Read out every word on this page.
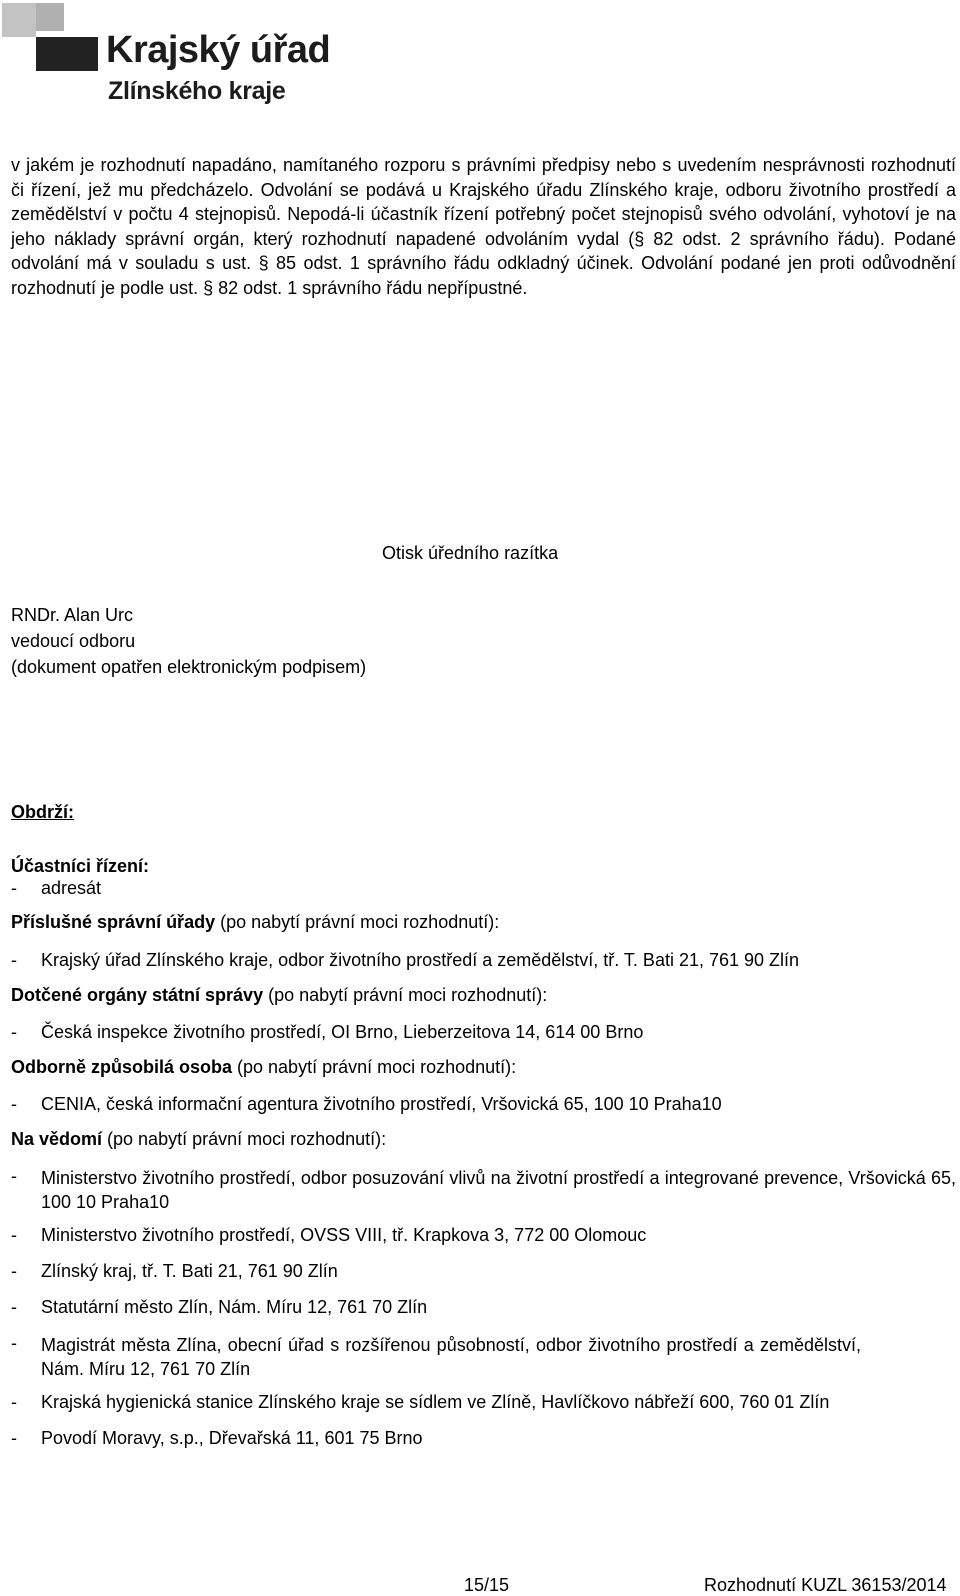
Krajský úřad
Zlínského kraje

v jakém je rozhodnutí napadáno, namítaného rozporu s právními předpisy nebo s uvedením nesprávnosti rozhodnutí či řízení, jež mu předcházelo. Odvolání se podává u Krajského úřadu Zlínského kraje, odboru životního prostředí a zemědělství v počtu 4 stejnopisů. Nepodá-li účastník řízení potřebný počet stejnopisů svého odvolání, vyhotoví je na jeho náklady správní orgán, který rozhodnutí napadené odvoláním vydal (§ 82 odst. 2 správního řádu). Podané odvolání má v souladu s ust. § 85 odst. 1 správního řádu odkladný účinek. Odvolání podané jen proti odůvodnění rozhodnutí je podle ust. § 82 odst. 1 správního řádu nepřípustné.

Otisk úředního razítka
RNDr. Alan Urc
vedoucí odboru
(dokument opatřen elektronickým podpisem)
Obdrží:
Účastníci řízení:
- adresát
Příslušné správní úřady (po nabytí právní moci rozhodnutí):
- Krajský úřad Zlínského kraje, odbor životního prostředí a zemědělství, tř. T. Bati 21, 761 90 Zlín
Dotčené orgány státní správy (po nabytí právní moci rozhodnutí):
- Česká inspekce životního prostředí, OI Brno, Lieberzeitova 14, 614 00 Brno
Odborně způsobilá osoba (po nabytí právní moci rozhodnutí):
- CENIA, česká informační agentura životního prostředí, Vršovická 65, 100 10 Praha10
Na vědomí (po nabytí právní moci rozhodnutí):
- Ministerstvo životního prostředí, odbor posuzování vlivů na životní prostředí a integrované prevence, Vršovická 65, 100 10 Praha10
- Ministerstvo životního prostředí, OVSS VIII, tř. Krapkova 3, 772 00 Olomouc
- Zlínský kraj, tř. T. Bati 21, 761 90 Zlín
- Statutární město Zlín, Nám. Míru 12, 761 70 Zlín
- Magistrát města Zlína, obecní úřad s rozšířenou působností, odbor životního prostředí a zemědělství, Nám. Míru 12, 761 70 Zlín
- Krajská hygienická stanice Zlínského kraje se sídlem ve Zlíně, Havlíčkovo nábřeží 600, 760 01 Zlín
- Povodí Moravy, s.p., Dřevařská 11, 601 75 Brno
15/15	Rozhodnutí KUZL 36153/2014
